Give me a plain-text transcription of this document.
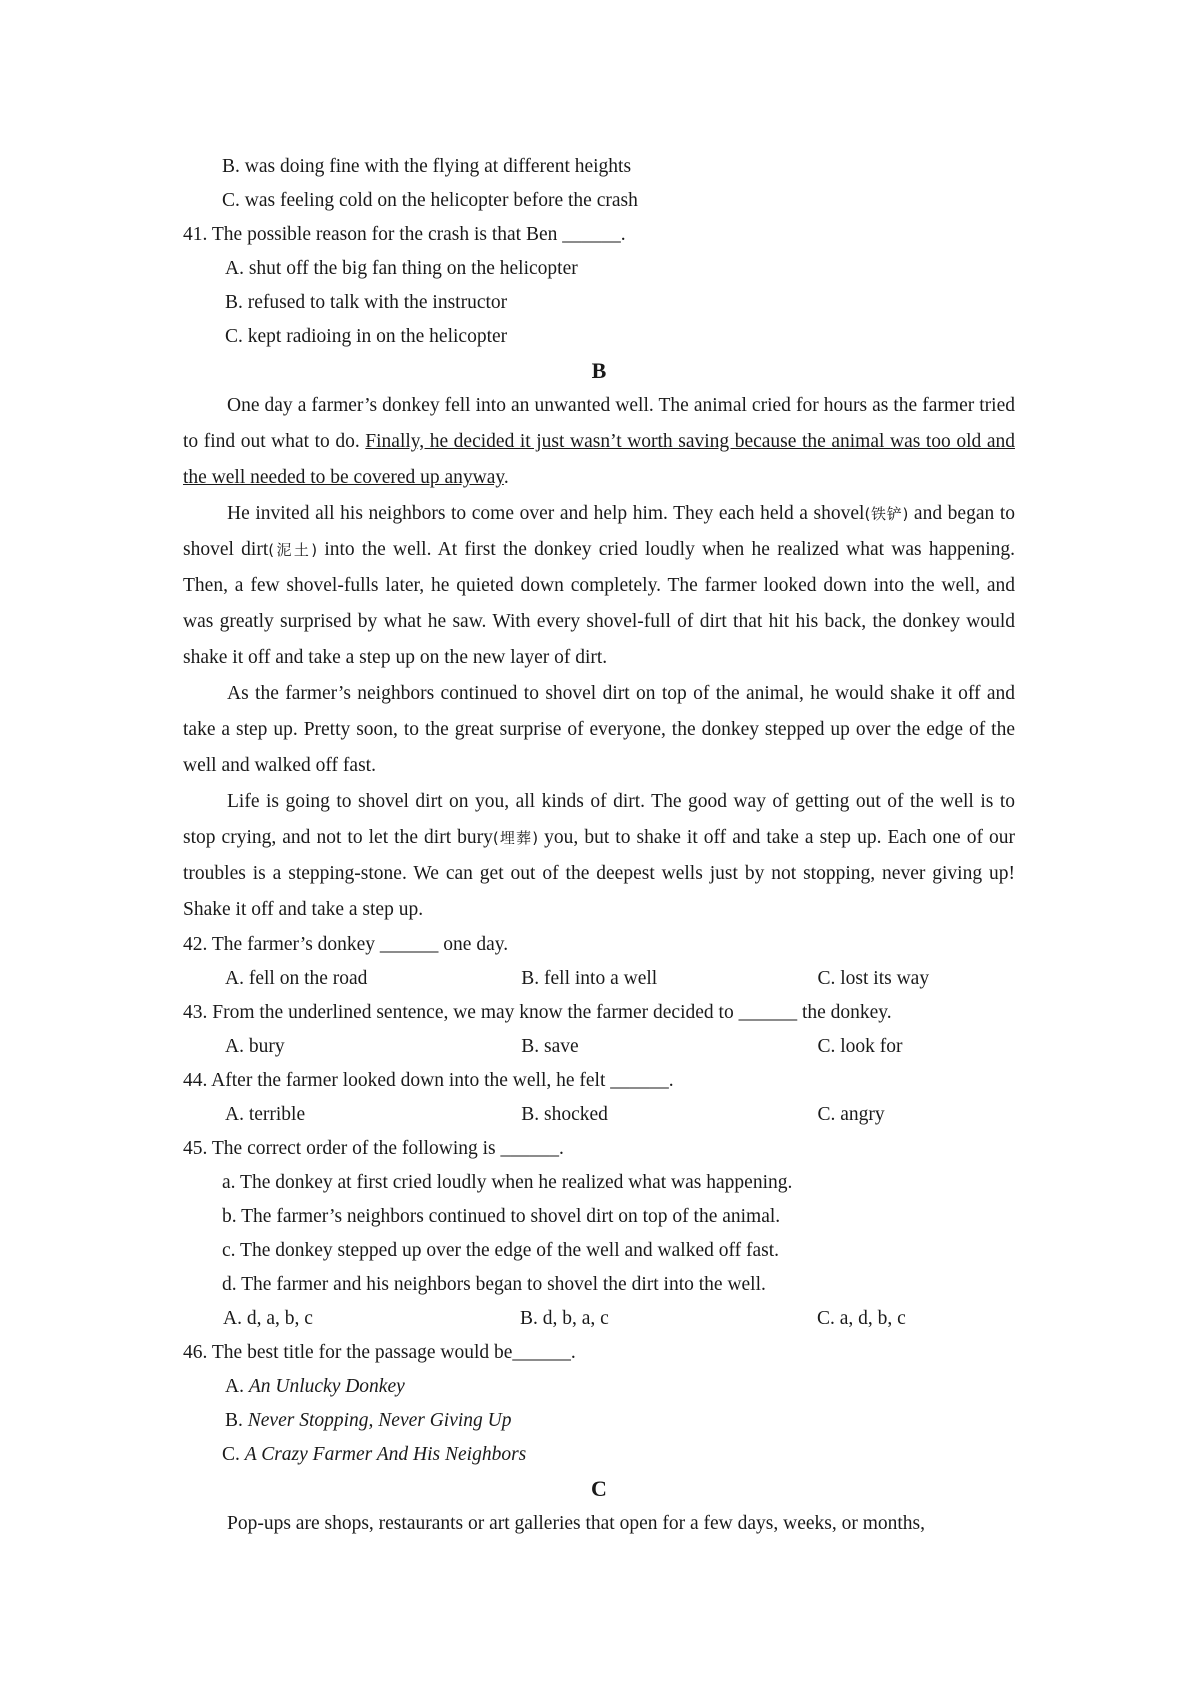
B. was doing fine with the flying at different heights

C. was feeling cold on the helicopter before the crash

41. The possible reason for the crash is that Ben ______.

A. shut off the big fan thing on the helicopter

B. refused to talk with the instructor

C. kept radioing in on the helicopter

B

One day a farmer’s donkey fell into an unwanted well. The animal cried for hours as the farmer tried to find out what to do. Finally, he decided it just wasn’t worth saving because the animal was too old and the well needed to be covered up anyway.

He invited all his neighbors to come over and help him. They each held a shovel(铁铲) and began to shovel dirt(泥土) into the well. At first the donkey cried loudly when he realized what was happening. Then, a few shovel-fulls later, he quieted down completely. The farmer looked down into the well, and was greatly surprised by what he saw. With every shovel-full of dirt that hit his back, the donkey would shake it off and take a step up on the new layer of dirt.

As the farmer’s neighbors continued to shovel dirt on top of the animal, he would shake it off and take a step up. Pretty soon, to the great surprise of everyone, the donkey stepped up over the edge of the well and walked off fast.

Life is going to shovel dirt on you, all kinds of dirt. The good way of getting out of the well is to stop crying, and not to let the dirt bury(埋葬) you, but to shake it off and take a step up. Each one of our troubles is a stepping-stone. We can get out of the deepest wells just by not stopping, never giving up! Shake it off and take a step up.

42. The farmer’s donkey ______ one day.

A. fell on the road	B. fell into a well	C. lost its way

43. From the underlined sentence, we may know the farmer decided to ______ the donkey.

A. bury	B. save	C. look for

44. After the farmer looked down into the well, he felt ______.

A. terrible	B. shocked	C. angry

45. The correct order of the following is ______.

a. The donkey at first cried loudly when he realized what was happening.

b. The farmer’s neighbors continued to shovel dirt on top of the animal.

c. The donkey stepped up over the edge of the well and walked off fast.

d. The farmer and his neighbors began to shovel the dirt into the well.

A. d, a, b, c	B. d, b, a, c	C. a, d, b, c

46. The best title for the passage would be______.

A. An Unlucky Donkey

B. Never Stopping, Never Giving Up

C. A Crazy Farmer And His Neighbors

C

Pop-ups are shops, restaurants or art galleries that open for a few days, weeks, or months,
